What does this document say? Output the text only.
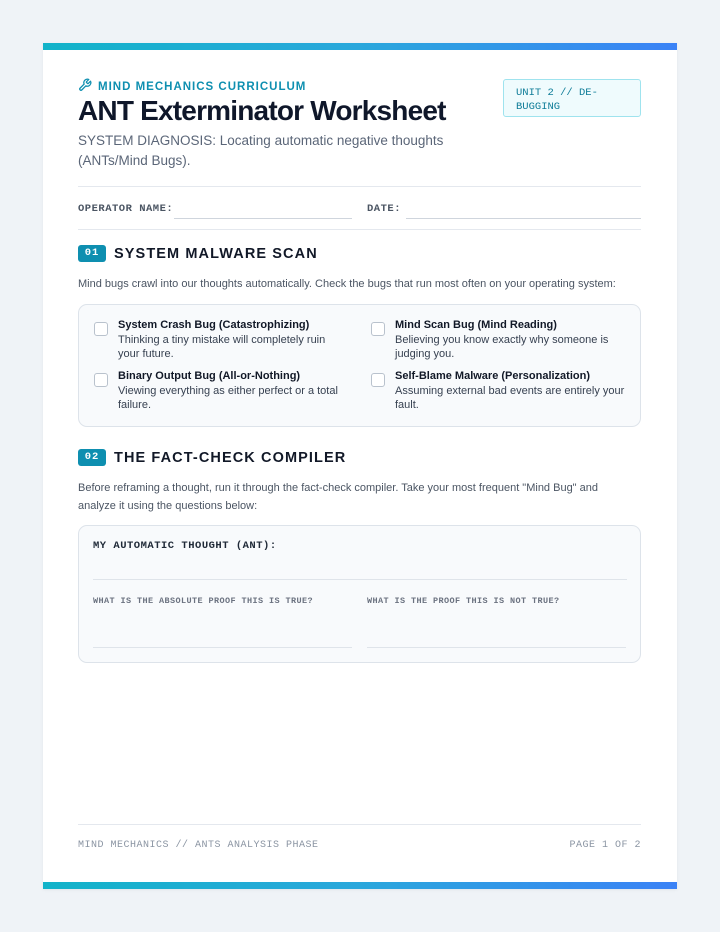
MIND MECHANICS CURRICULUM
ANT Exterminator Worksheet
SYSTEM DIAGNOSIS: Locating automatic negative thoughts (ANTs/Mind Bugs).
UNIT 2 // DE-BUGGING
OPERATOR NAME:	DATE:
01	SYSTEM MALWARE SCAN
Mind bugs crawl into our thoughts automatically. Check the bugs that run most often on your operating system:
System Crash Bug (Catastrophizing)
Thinking a tiny mistake will completely ruin your future.
Mind Scan Bug (Mind Reading)
Believing you know exactly why someone is judging you.
Binary Output Bug (All-or-Nothing)
Viewing everything as either perfect or a total failure.
Self-Blame Malware (Personalization)
Assuming external bad events are entirely your fault.
02	THE FACT-CHECK COMPILER
Before reframing a thought, run it through the fact-check compiler. Take your most frequent "Mind Bug" and analyze it using the questions below:
MY AUTOMATIC THOUGHT (ANT):
WHAT IS THE ABSOLUTE PROOF THIS IS TRUE?	WHAT IS THE PROOF THIS IS NOT TRUE?
MIND MECHANICS // ANTS ANALYSIS PHASE	PAGE 1 OF 2
